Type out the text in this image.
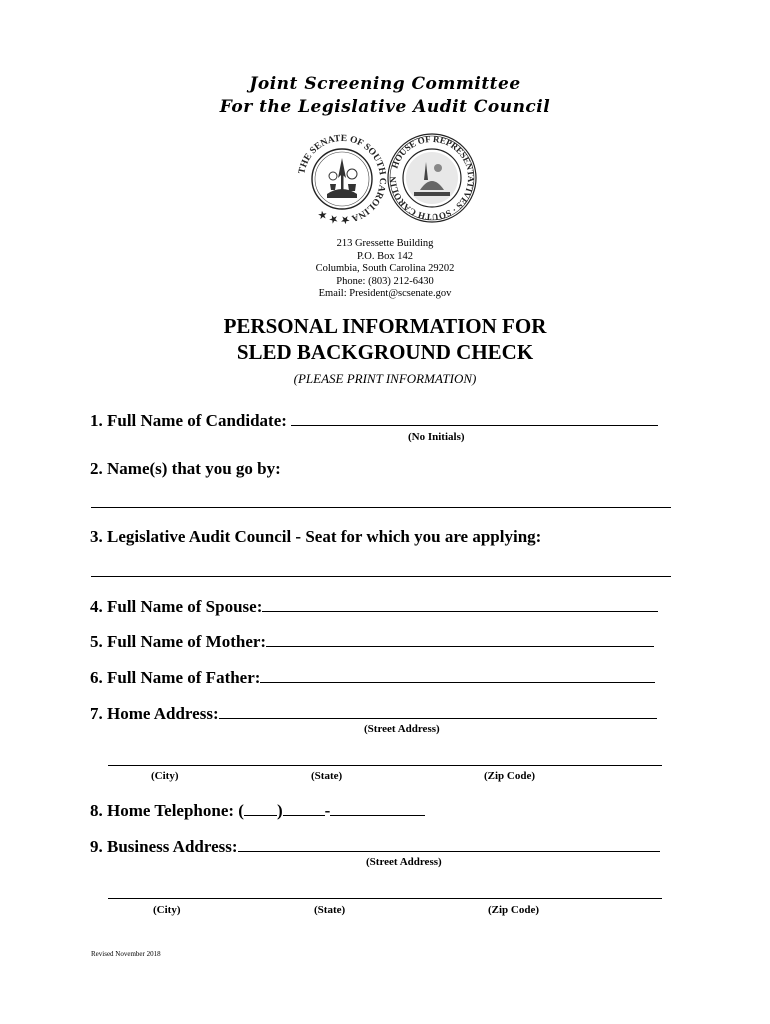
Joint Screening Committee
For the Legislative Audit Council
THE SENATE OF SOUTH CAROLINA ★ ★ ★
HOUSE OF REPRESENTATIVES · SOUTH CAROLIN
213 Gressette Building
P.O. Box 142
Columbia, South Carolina 29202
Phone: (803) 212-6430
Email: President@scsenate.gov
PERSONAL INFORMATION FOR
SLED BACKGROUND CHECK
(PLEASE PRINT INFORMATION)
1. Full Name of Candidate:
(No Initials)
2. Name(s) that you go by:
3. Legislative Audit Council - Seat for which you are applying:
4. Full Name of Spouse:
5. Full Name of Mother:
6. Full Name of Father:
7. Home Address:
(Street Address)
(City)	(State)	(Zip Code)
8. Home Telephone: ( ) -
9. Business Address:
(Street Address)
(City)	(State)	(Zip Code)
Revised November 2018
